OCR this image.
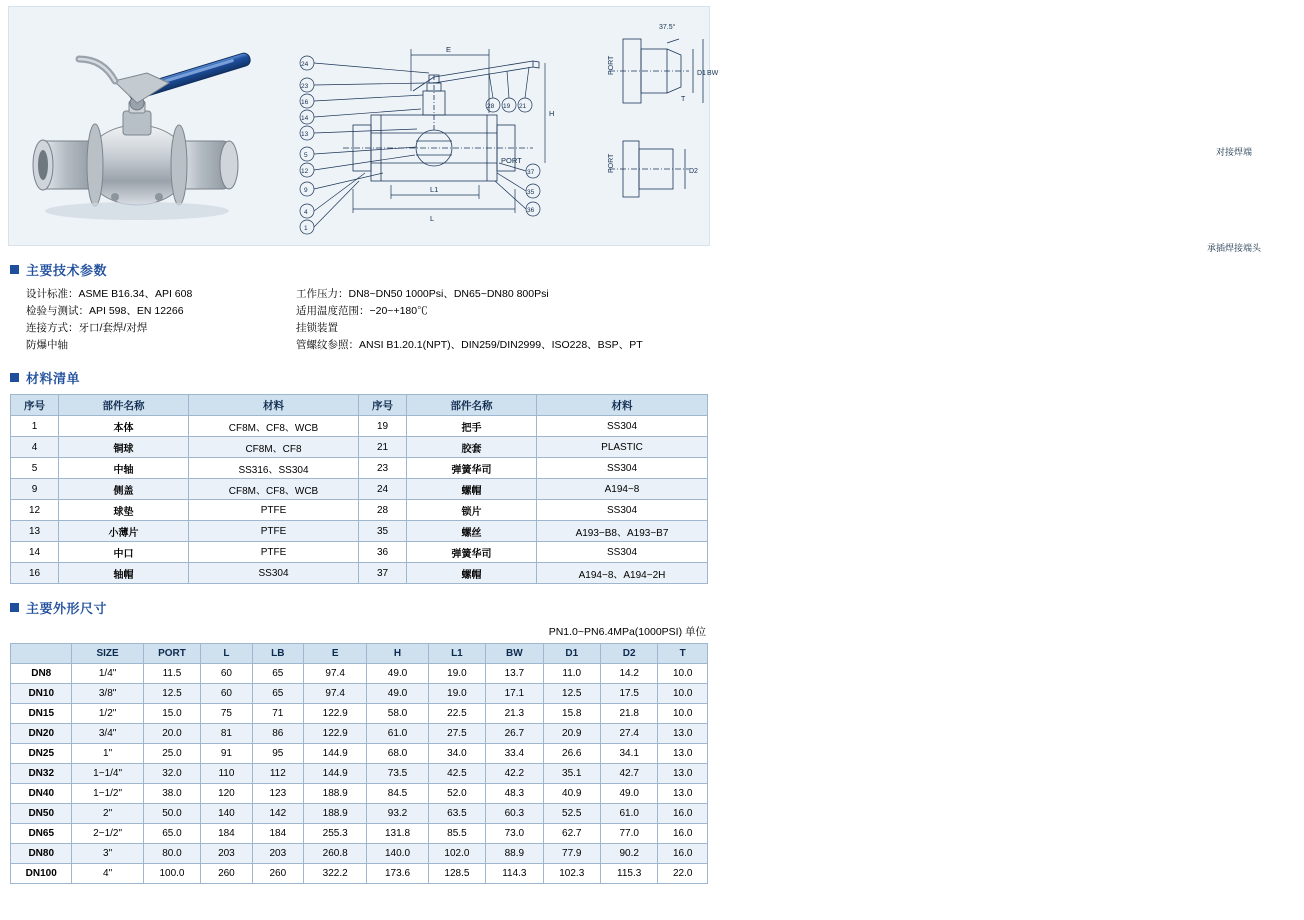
E
L
L1
H
PORT
24
23
16
14
13
5
12
9
4
1
28 19 21
37
35
36
37.5°
D1 BW
D2
T
PORT
PORT
对接焊端
承插焊接端头
主要技术参数
设计标准：ASME B16.34、API 608
检验与测试：API 598、EN 12266
连接方式：牙口/套焊/对焊
防爆中轴
工作压力：DN8~DN50 1000Psi、DN65~DN80 800Psi
适用温度范围：−20~+180℃
挂锁装置
管螺纹参照：ANSI B1.20.1(NPT)、DIN259/DIN2999、ISO228、BSP、PT
材料清单
序号	部件名称	材料	序号	部件名称	材料
1	本体	CF8M、CF8、WCB	19	把手	SS304
4	铜球	CF8M、CF8	21	胶套	PLASTIC
5	中轴	SS316、SS304	23	弹簧华司	SS304
9	侧盖	CF8M、CF8、WCB	24	螺帽	A194−8
12	球垫	PTFE	28	锁片	SS304
13	小薄片	PTFE	35	螺丝	A193−B8、A193−B7
14	中口	PTFE	36	弹簧华司	SS304
16	轴帽	SS304	37	螺帽	A194−8、A194−2H
主要外形尺寸
PN1.0~PN6.4MPa(1000PSI) 单位
	SIZE	PORT	L	LB	E	H	L1	BW	D1	D2	T
DN8	1/4"	11.5	60	65	97.4	49.0	19.0	13.7	11.0	14.2	10.0
DN10	3/8"	12.5	60	65	97.4	49.0	19.0	17.1	12.5	17.5	10.0
DN15	1/2"	15.0	75	71	122.9	58.0	22.5	21.3	15.8	21.8	10.0
DN20	3/4"	20.0	81	86	122.9	61.0	27.5	26.7	20.9	27.4	13.0
DN25	1"	25.0	91	95	144.9	68.0	34.0	33.4	26.6	34.1	13.0
DN32	1−1/4"	32.0	110	112	144.9	73.5	42.5	42.2	35.1	42.7	13.0
DN40	1−1/2"	38.0	120	123	188.9	84.5	52.0	48.3	40.9	49.0	13.0
DN50	2"	50.0	140	142	188.9	93.2	63.5	60.3	52.5	61.0	16.0
DN65	2−1/2"	65.0	184	184	255.3	131.8	85.5	73.0	62.7	77.0	16.0
DN80	3"	80.0	203	203	260.8	140.0	102.0	88.9	77.9	90.2	16.0
DN100	4"	100.0	260	260	322.2	173.6	128.5	114.3	102.3	115.3	22.0
